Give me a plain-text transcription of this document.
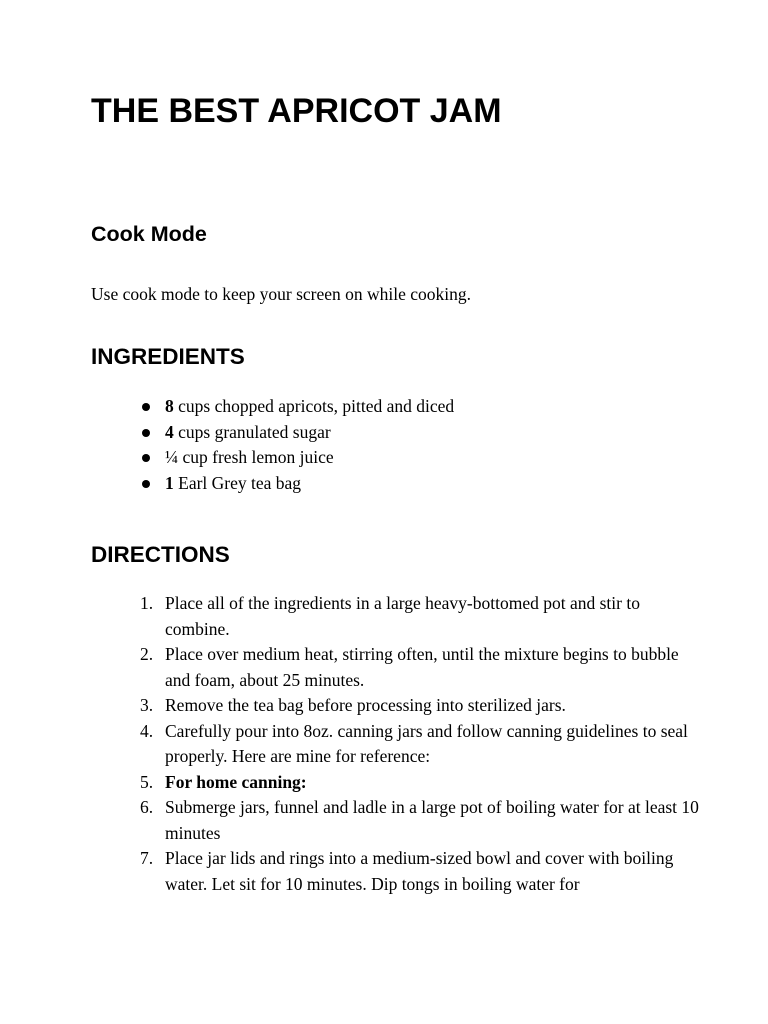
THE BEST APRICOT JAM
Cook Mode

Use cook mode to keep your screen on while cooking.

INGREDIENTS
8 cups chopped apricots, pitted and diced
4 cups granulated sugar
¼ cup fresh lemon juice
1 Earl Grey tea bag
DIRECTIONS
1. Place all of the ingredients in a large heavy-bottomed pot and stir to combine.
2. Place over medium heat, stirring often, until the mixture begins to bubble and foam, about 25 minutes.
3. Remove the tea bag before processing into sterilized jars.
4. Carefully pour into 8oz. canning jars and follow canning guidelines to seal properly. Here are mine for reference:
5. For home canning:
6. Submerge jars, funnel and ladle in a large pot of boiling water for at least 10 minutes
7. Place jar lids and rings into a medium-sized bowl and cover with boiling water. Let sit for 10 minutes. Dip tongs in boiling water for
